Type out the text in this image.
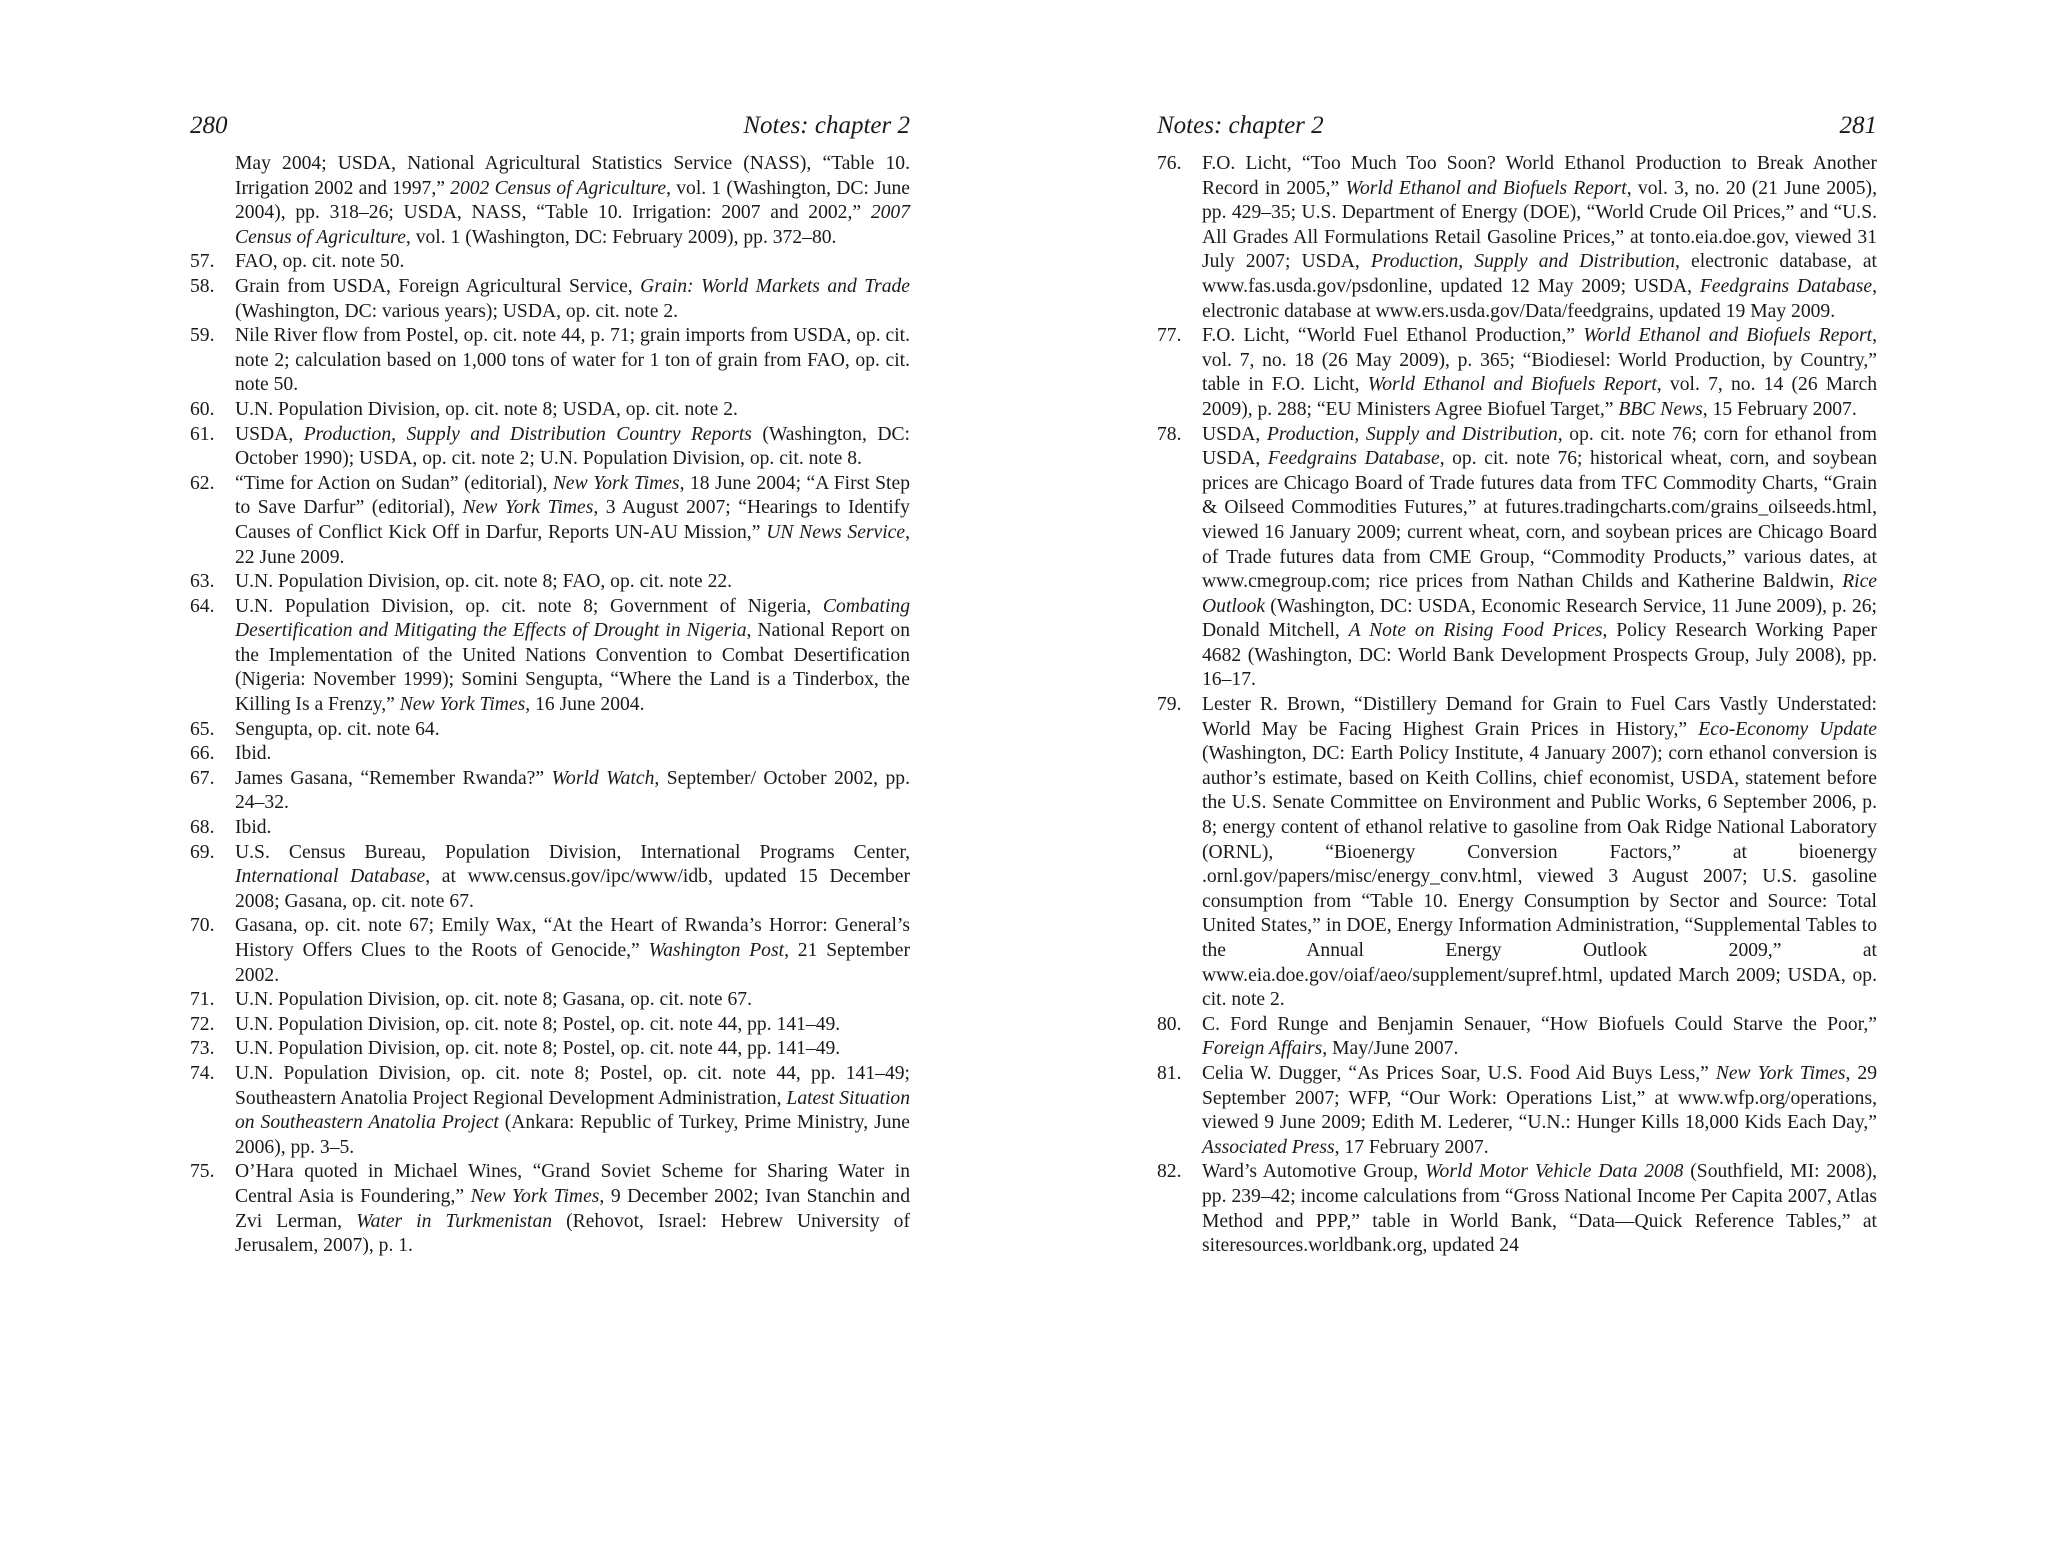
280	Notes: chapter 2
May 2004; USDA, National Agricultural Statistics Service (NASS), “Table 10. Irrigation 2002 and 1997,” 2002 Census of Agriculture, vol. 1 (Washington, DC: June 2004), pp. 318–26; USDA, NASS, “Table 10. Irrigation: 2007 and 2002,” 2007 Census of Agriculture, vol. 1 (Washington, DC: February 2009), pp. 372–80.
57.	FAO, op. cit. note 50.
58.	Grain from USDA, Foreign Agricultural Service, Grain: World Markets and Trade (Washington, DC: various years); USDA, op. cit. note 2.
59.	Nile River flow from Postel, op. cit. note 44, p. 71; grain imports from USDA, op. cit. note 2; calculation based on 1,000 tons of water for 1 ton of grain from FAO, op. cit. note 50.
60.	U.N. Population Division, op. cit. note 8; USDA, op. cit. note 2.
61.	USDA, Production, Supply and Distribution Country Reports (Washington, DC: October 1990); USDA, op. cit. note 2; U.N. Population Division, op. cit. note 8.
62.	“Time for Action on Sudan” (editorial), New York Times, 18 June 2004; “A First Step to Save Darfur” (editorial), New York Times, 3 August 2007; “Hearings to Identify Causes of Conflict Kick Off in Darfur, Reports UN-AU Mission,” UN News Service, 22 June 2009.
63.	U.N. Population Division, op. cit. note 8; FAO, op. cit. note 22.
64.	U.N. Population Division, op. cit. note 8; Government of Nigeria, Combating Desertification and Mitigating the Effects of Drought in Nigeria, National Report on the Implementation of the United Nations Convention to Combat Desertification (Nigeria: November 1999); Somini Sengupta, “Where the Land is a Tinderbox, the Killing Is a Frenzy,” New York Times, 16 June 2004.
65.	Sengupta, op. cit. note 64.
66.	Ibid.
67.	James Gasana, “Remember Rwanda?” World Watch, September/ October 2002, pp. 24–32.
68.	Ibid.
69.	U.S. Census Bureau, Population Division, International Programs Center, International Database, at www.census.gov/ipc/www/idb, updated 15 December 2008; Gasana, op. cit. note 67.
70.	Gasana, op. cit. note 67; Emily Wax, “At the Heart of Rwanda’s Horror: General’s History Offers Clues to the Roots of Genocide,” Washington Post, 21 September 2002.
71.	U.N. Population Division, op. cit. note 8; Gasana, op. cit. note 67.
72.	U.N. Population Division, op. cit. note 8; Postel, op. cit. note 44, pp. 141–49.
73.	U.N. Population Division, op. cit. note 8; Postel, op. cit. note 44, pp. 141–49.
74.	U.N. Population Division, op. cit. note 8; Postel, op. cit. note 44, pp. 141–49; Southeastern Anatolia Project Regional Development Administration, Latest Situation on Southeastern Anatolia Project (Ankara: Republic of Turkey, Prime Ministry, June 2006), pp. 3–5.
75.	O’Hara quoted in Michael Wines, “Grand Soviet Scheme for Sharing Water in Central Asia is Foundering,” New York Times, 9 December 2002; Ivan Stanchin and Zvi Lerman, Water in Turkmenistan (Rehovot, Israel: Hebrew University of Jerusalem, 2007), p. 1.
Notes: chapter 2	281
76.	F.O. Licht, “Too Much Too Soon? World Ethanol Production to Break Another Record in 2005,” World Ethanol and Biofuels Report, vol. 3, no. 20 (21 June 2005), pp. 429–35; U.S. Department of Energy (DOE), “World Crude Oil Prices,” and “U.S. All Grades All Formulations Retail Gasoline Prices,” at tonto.eia.doe.gov, viewed 31 July 2007; USDA, Production, Supply and Distribution, electronic database, at www.fas.usda.gov/psdonline, updated 12 May 2009; USDA, Feedgrains Database, electronic database at www.ers.usda.gov/Data/feedgrains, updated 19 May 2009.
77.	F.O. Licht, “World Fuel Ethanol Production,” World Ethanol and Biofuels Report, vol. 7, no. 18 (26 May 2009), p. 365; “Biodiesel: World Production, by Country,” table in F.O. Licht, World Ethanol and Biofuels Report, vol. 7, no. 14 (26 March 2009), p. 288; “EU Ministers Agree Biofuel Target,” BBC News, 15 February 2007.
78.	USDA, Production, Supply and Distribution, op. cit. note 76; corn for ethanol from USDA, Feedgrains Database, op. cit. note 76; historical wheat, corn, and soybean prices are Chicago Board of Trade futures data from TFC Commodity Charts, “Grain & Oilseed Commodities Futures,” at futures.tradingcharts.com/grains_oilseeds.html, viewed 16 January 2009; current wheat, corn, and soybean prices are Chicago Board of Trade futures data from CME Group, “Commodity Products,” various dates, at www.cmegroup.com; rice prices from Nathan Childs and Katherine Baldwin, Rice Outlook (Washington, DC: USDA, Economic Research Service, 11 June 2009), p. 26; Donald Mitchell, A Note on Rising Food Prices, Policy Research Working Paper 4682 (Washington, DC: World Bank Development Prospects Group, July 2008), pp. 16–17.
79.	Lester R. Brown, “Distillery Demand for Grain to Fuel Cars Vastly Understated: World May be Facing Highest Grain Prices in History,” Eco-Economy Update (Washington, DC: Earth Policy Institute, 4 January 2007); corn ethanol conversion is author’s estimate, based on Keith Collins, chief economist, USDA, statement before the U.S. Senate Committee on Environment and Public Works, 6 September 2006, p. 8; energy content of ethanol relative to gasoline from Oak Ridge National Laboratory (ORNL), “Bioenergy Conversion Factors,” at bioenergy .ornl.gov/papers/misc/energy_conv.html, viewed 3 August 2007; U.S. gasoline consumption from “Table 10. Energy Consumption by Sector and Source: Total United States,” in DOE, Energy Information Administration, “Supplemental Tables to the Annual Energy Outlook 2009,” at www.eia.doe.gov/oiaf/aeo/supplement/supref.html, updated March 2009; USDA, op. cit. note 2.
80.	C. Ford Runge and Benjamin Senauer, “How Biofuels Could Starve the Poor,” Foreign Affairs, May/June 2007.
81.	Celia W. Dugger, “As Prices Soar, U.S. Food Aid Buys Less,” New York Times, 29 September 2007; WFP, “Our Work: Operations List,” at www.wfp.org/operations, viewed 9 June 2009; Edith M. Lederer, “U.N.: Hunger Kills 18,000 Kids Each Day,” Associated Press, 17 February 2007.
82.	Ward’s Automotive Group, World Motor Vehicle Data 2008 (Southfield, MI: 2008), pp. 239–42; income calculations from “Gross National Income Per Capita 2007, Atlas Method and PPP,” table in World Bank, “Data—Quick Reference Tables,” at siteresources.worldbank.org, updated 24
